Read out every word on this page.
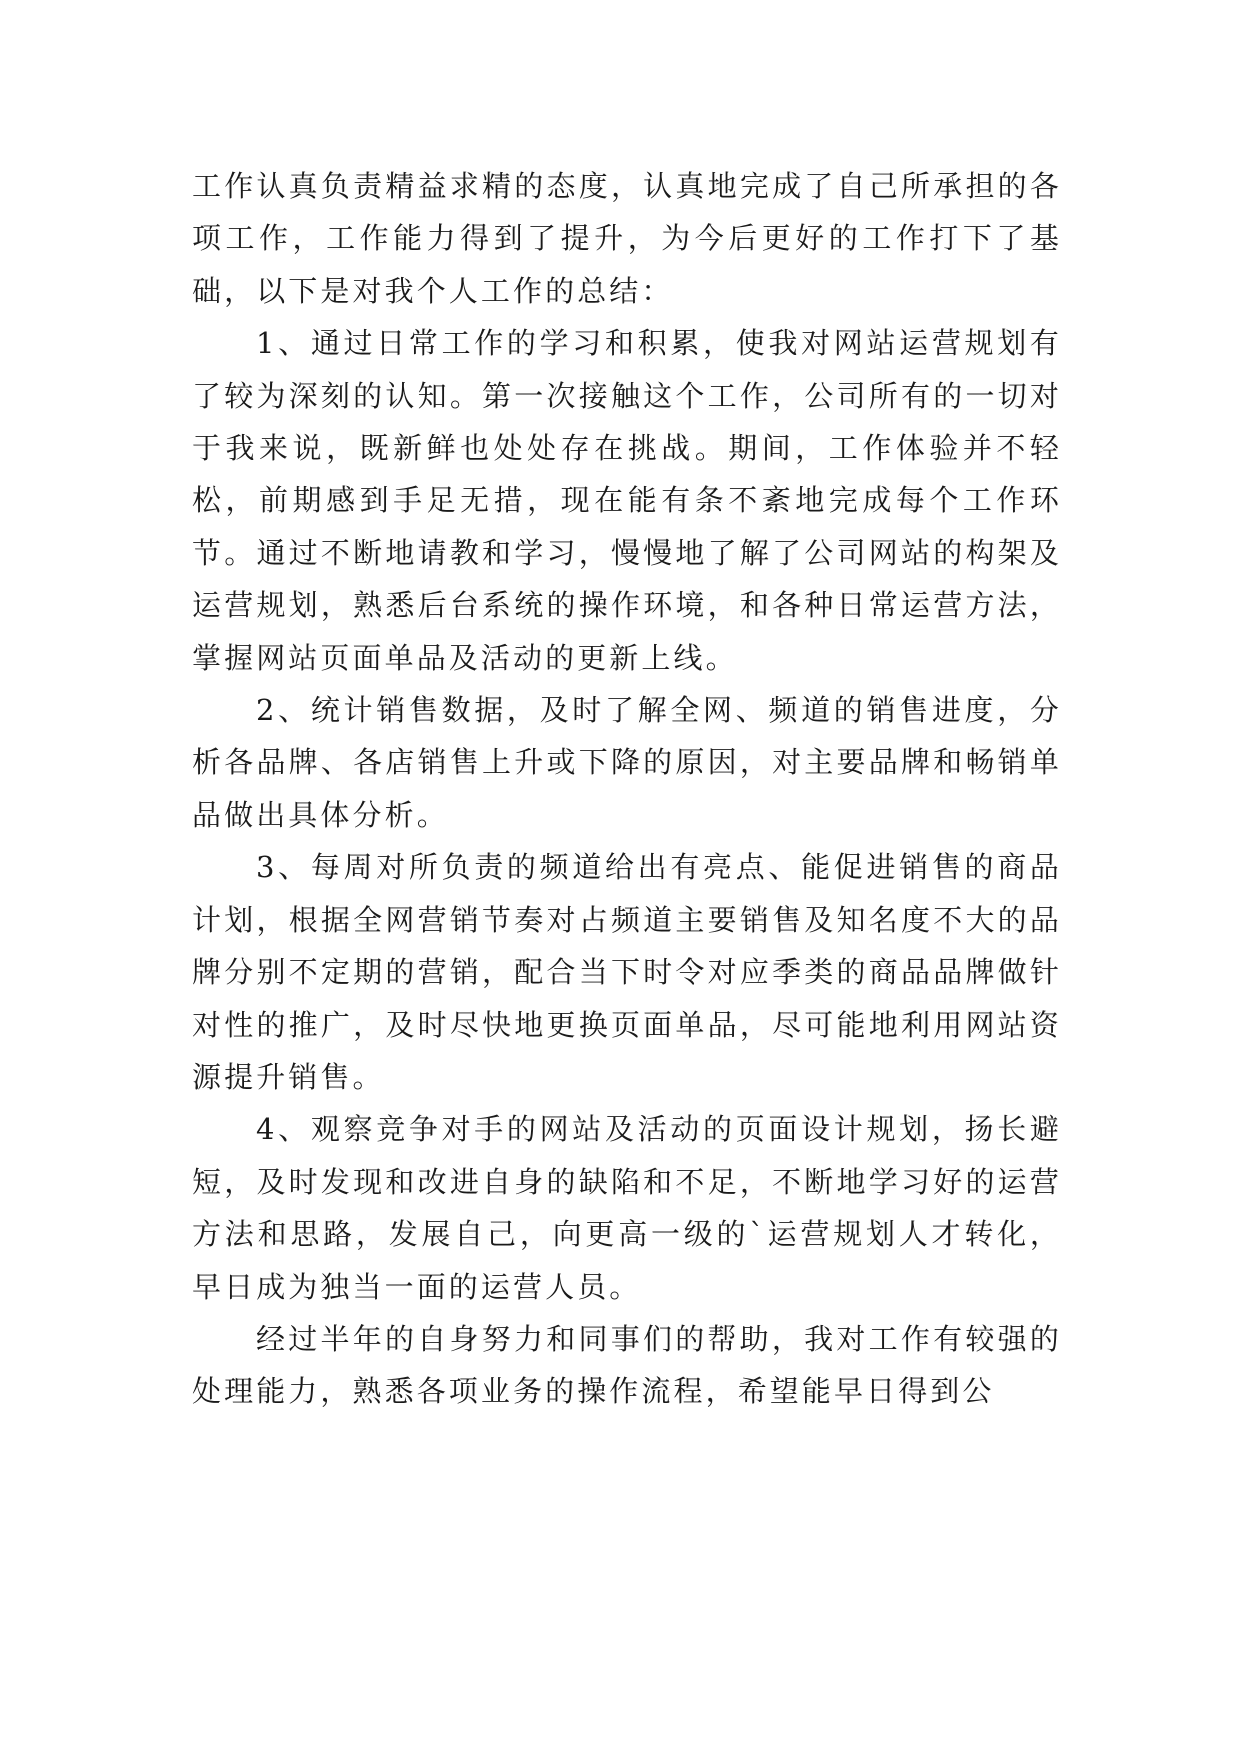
工作认真负责精益求精的态度，认真地完成了自己所承担的各项工作，工作能力得到了提升，为今后更好的工作打下了基础，以下是对我个人工作的总结：

1、通过日常工作的学习和积累，使我对网站运营规划有了较为深刻的认知。第一次接触这个工作，公司所有的一切对于我来说，既新鲜也处处存在挑战。期间，工作体验并不轻松，前期感到手足无措，现在能有条不紊地完成每个工作环节。通过不断地请教和学习，慢慢地了解了公司网站的构架及运营规划，熟悉后台系统的操作环境，和各种日常运营方法，掌握网站页面单品及活动的更新上线。

2、统计销售数据，及时了解全网、频道的销售进度，分析各品牌、各店销售上升或下降的原因，对主要品牌和畅销单品做出具体分析。

3、每周对所负责的频道给出有亮点、能促进销售的商品计划，根据全网营销节奏对占频道主要销售及知名度不大的品牌分别不定期的营销，配合当下时令对应季类的商品品牌做针对性的推广，及时尽快地更换页面单品，尽可能地利用网站资源提升销售。

4、观察竞争对手的网站及活动的页面设计规划，扬长避短，及时发现和改进自身的缺陷和不足，不断地学习好的运营方法和思路，发展自己，向更高一级的`运营规划人才转化，早日成为独当一面的运营人员。

经过半年的自身努力和同事们的帮助，我对工作有较强的处理能力，熟悉各项业务的操作流程，希望能早日得到公
